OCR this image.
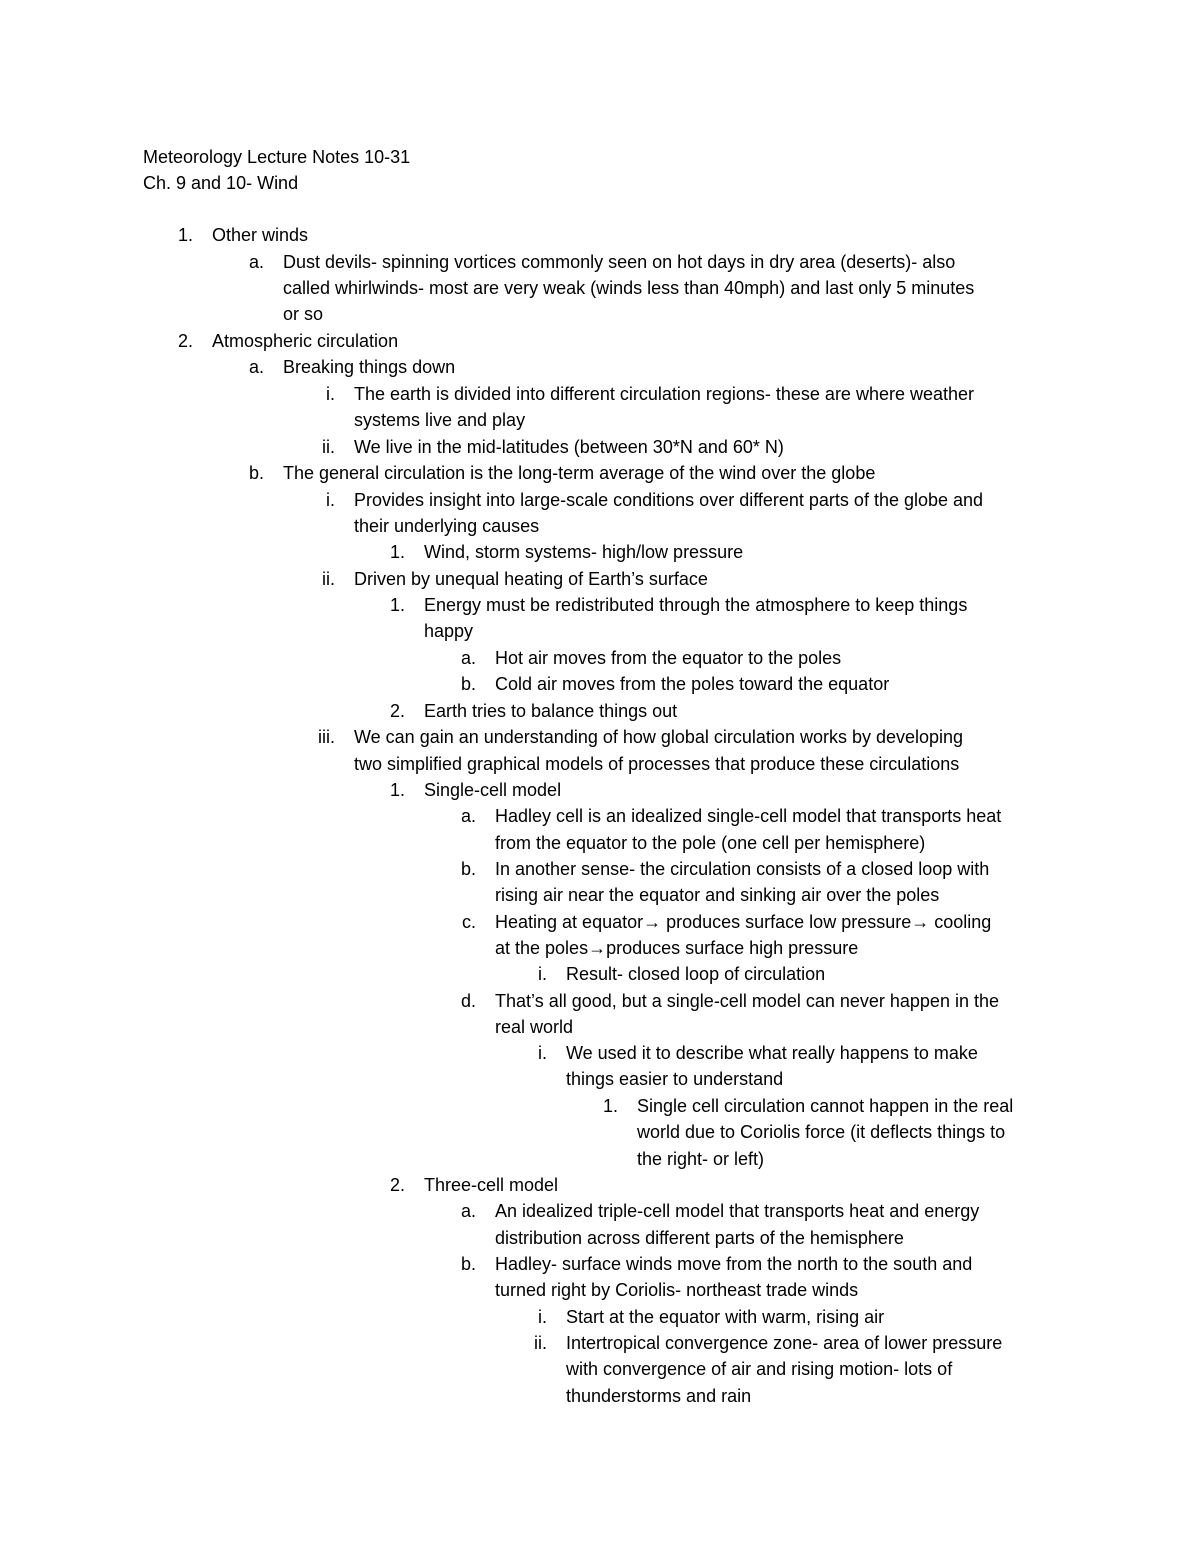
Meteorology Lecture Notes 10-31
Ch. 9 and 10- Wind
1. Other winds
a. Dust devils- spinning vortices commonly seen on hot days in dry area (deserts)- also
called whirlwinds- most are very weak (winds less than 40mph) and last only 5 minutes
or so
2. Atmospheric circulation
a. Breaking things down
i. The earth is divided into different circulation regions- these are where weather
systems live and play
ii. We live in the mid-latitudes (between 30*N and 60* N)
b. The general circulation is the long-term average of the wind over the globe
i. Provides insight into large-scale conditions over different parts of the globe and
their underlying causes
1. Wind, storm systems- high/low pressure
ii. Driven by unequal heating of Earth’s surface
1. Energy must be redistributed through the atmosphere to keep things
happy
a. Hot air moves from the equator to the poles
b. Cold air moves from the poles toward the equator
2. Earth tries to balance things out
iii. We can gain an understanding of how global circulation works by developing
two simplified graphical models of processes that produce these circulations
1. Single-cell model
a. Hadley cell is an idealized single-cell model that transports heat
from the equator to the pole (one cell per hemisphere)
b. In another sense- the circulation consists of a closed loop with
rising air near the equator and sinking air over the poles
c. Heating at equator→ produces surface low pressure→ cooling
at the poles→produces surface high pressure
i. Result- closed loop of circulation
d. That’s all good, but a single-cell model can never happen in the
real world
i. We used it to describe what really happens to make
things easier to understand
1. Single cell circulation cannot happen in the real
world due to Coriolis force (it deflects things to
the right- or left)
2. Three-cell model
a. An idealized triple-cell model that transports heat and energy
distribution across different parts of the hemisphere
b. Hadley- surface winds move from the north to the south and
turned right by Coriolis- northeast trade winds
i. Start at the equator with warm, rising air
ii. Intertropical convergence zone- area of lower pressure
with convergence of air and rising motion- lots of
thunderstorms and rain
